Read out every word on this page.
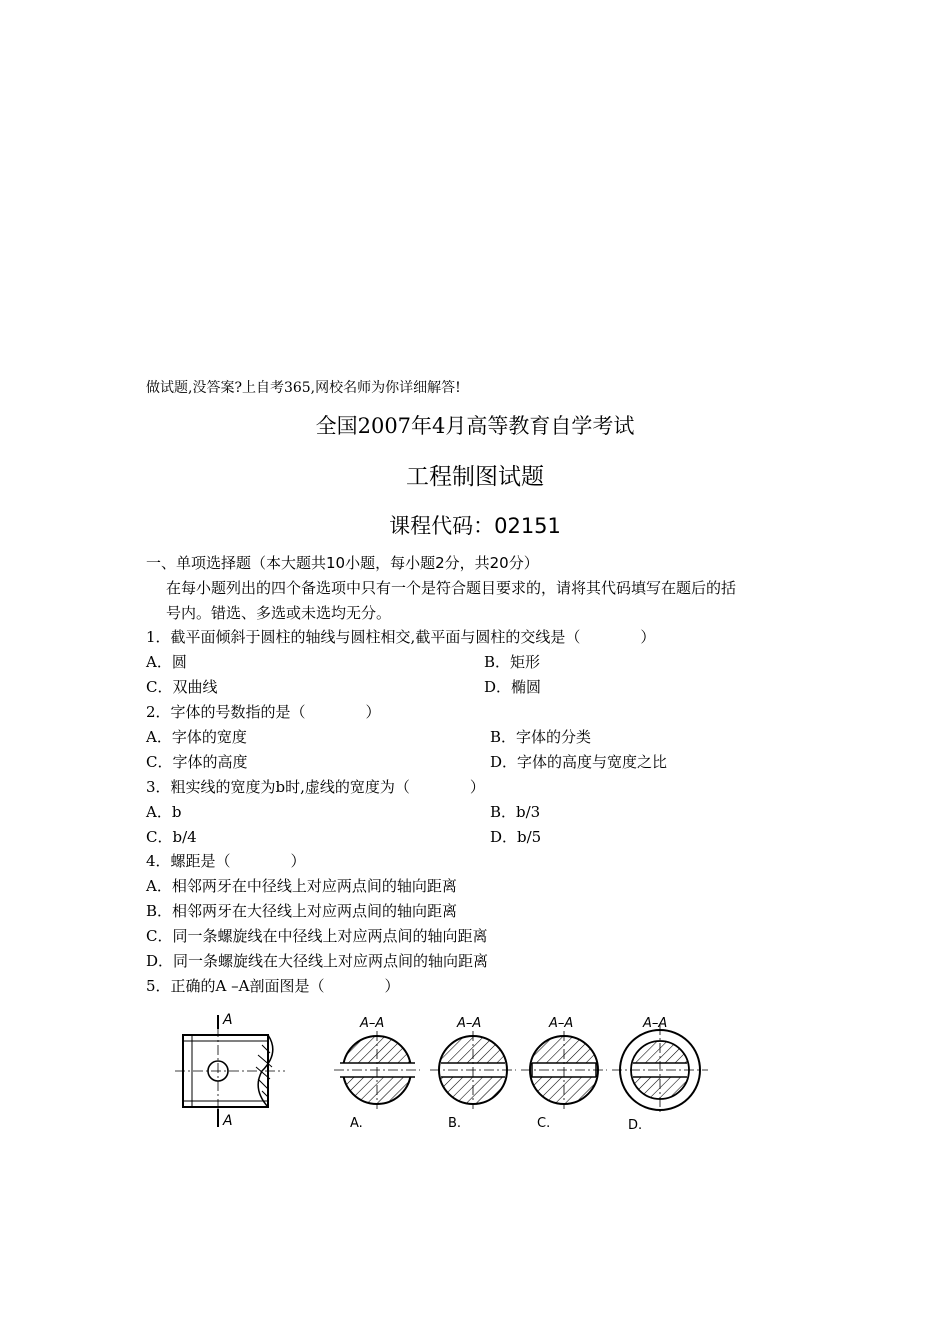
做试题,没答案?上自考365,网校名师为你详细解答!
全国2007年4月高等教育自学考试
工程制图试题
课程代码：02151
一、单项选择题（本大题共10小题，每小题2分，共20分）
在每小题列出的四个备选项中只有一个是符合题目要求的，请将其代码填写在题后的括
号内。错选、多选或未选均无分。
1．截平面倾斜于圆柱的轴线与圆柱相交,截平面与圆柱的交线是（	）
A．圆	B．矩形
C．双曲线	D．椭圆
2．字体的号数指的是（	）
A．字体的宽度	B．字体的分类
C．字体的高度	D．字体的高度与宽度之比
3．粗实线的宽度为b时,虚线的宽度为（	）
A．b	B．b/3
C．b/4	D．b/5
4．螺距是（	）
A．相邻两牙在中径线上对应两点间的轴向距离
B．相邻两牙在大径线上对应两点间的轴向距离
C．同一条螺旋线在中径线上对应两点间的轴向距离
D．同一条螺旋线在大径线上对应两点间的轴向距离
5．正确的A –A剖面图是（	）
A
A
A–A
A.
A–A
B.
A–A
C.
A–A
D.
